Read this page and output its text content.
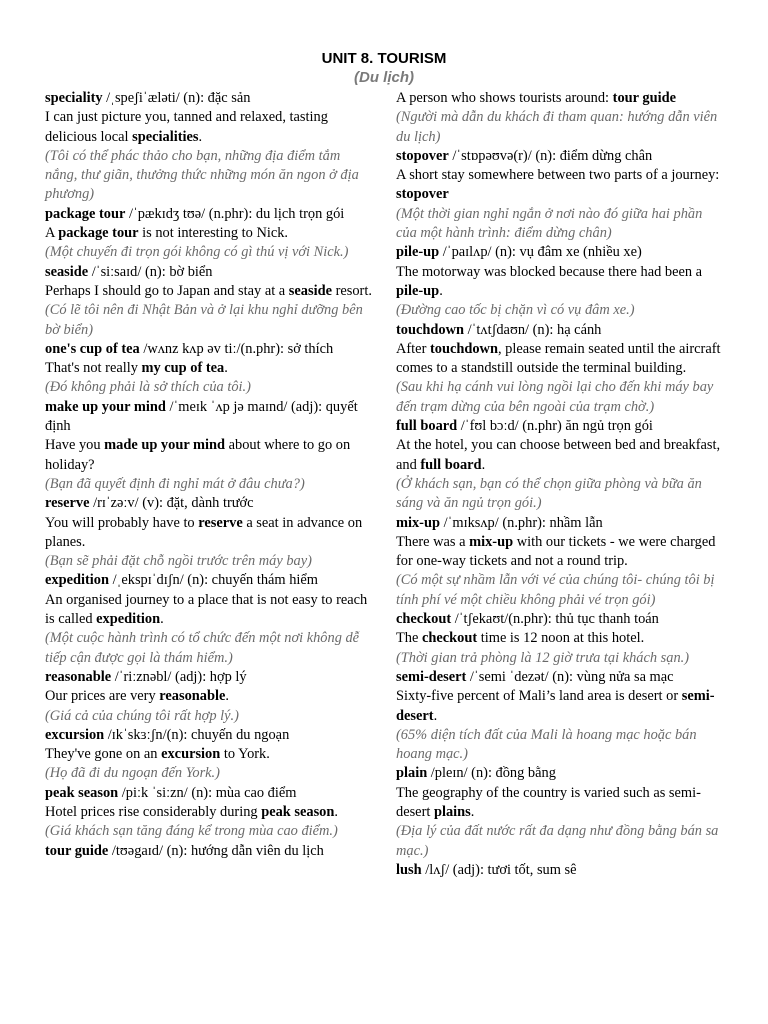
UNIT 8. TOURISM
(Du lịch)

speciality /ˌspeʃiˈæləti/ (n): đặc sản

I can just picture you, tanned and relaxed, tasting delicious local specialities.

(Tôi có thể phác thảo cho bạn, những địa điểm tắm nắng, thư giãn, thưởng thức những món ăn ngon ở địa phương)

package tour /ˈpækɪdʒ tʊə/ (n.phr): du lịch trọn gói

A package tour is not interesting to Nick.

(Một chuyến đi trọn gói không có gì thú vị với Nick.)

seaside /ˈsiːsaɪd/ (n): bờ biển

Perhaps I should go to Japan and stay at a seaside resort.

(Có lẽ tôi nên đi Nhật Bản và ở lại khu nghỉ dưỡng bên bờ biển)

one's cup of tea /wʌnz kʌp əv tiː/(n.phr): sở thích

That's not really my cup of tea.

(Đó không phải là sở thích của tôi.)

make up your mind /ˈmeɪk ˈʌp jə maɪnd/ (adj): quyết định

Have you made up your mind about where to go on holiday?

(Bạn đã quyết định đi nghỉ mát ở đâu chưa?)

reserve /rɪˈzəːv/ (v): đặt, dành trước

You will probably have to reserve a seat in advance on planes.

(Bạn sẽ phải đặt chỗ ngồi trước trên máy bay)

expedition /ˌekspɪˈdɪʃn/ (n): chuyến thám hiểm

An organised journey to a place that is not easy to reach is called expedition.

(Một cuộc hành trình có tổ chức đến một nơi không dễ tiếp cận được gọi là thám hiểm.)

reasonable /ˈriːznəbl/ (adj): hợp lý

Our prices are very reasonable.

(Giá cả của chúng tôi rất hợp lý.)

excursion /ɪkˈskɜːʃn/(n): chuyến du ngoạn

They've gone on an excursion to York.

(Họ đã đi du ngoạn đến York.)

peak season /piːk ˈsiːzn/ (n): mùa cao điểm

Hotel prices rise considerably during peak season.

(Giá khách sạn tăng đáng kể trong mùa cao điểm.)

tour guide /tʊəgaɪd/ (n): hướng dẫn viên du lịch

A person who shows tourists around: tour guide

(Người mà dẫn du khách đi tham quan: hướng dẫn viên du lịch)

stopover /ˈstɒpəʊvə(r)/ (n): điểm dừng chân

A short stay somewhere between two parts of a journey: stopover

(Một thời gian nghỉ ngắn ở nơi nào đó giữa hai phần của một hành trình: điểm dừng chân)

pile-up /ˈpaɪlʌp/ (n): vụ đâm xe (nhiều xe)

The motorway was blocked because there had been a pile-up.

(Đường cao tốc bị chặn vì có vụ đâm xe.)

touchdown /ˈtʌtʃdaʊn/ (n): hạ cánh

After touchdown, please remain seated until the aircraft comes to a standstill outside the terminal building.

(Sau khi hạ cánh vui lòng ngồi lại cho đến khi máy bay đến trạm dừng của bên ngoài của trạm chờ.)

full board /ˈfʊl bɔːd/ (n.phr) ăn ngủ trọn gói

At the hotel, you can choose between bed and breakfast, and full board.

(Ở khách sạn, bạn có thể chọn giữa phòng và bữa ăn sáng và ăn ngủ trọn gói.)

mix-up /ˈmɪksʌp/ (n.phr): nhầm lẫn

There was a mix-up with our tickets - we were charged for one-way tickets and not a round trip.

(Có một sự nhầm lẫn với vé của chúng tôi- chúng tôi bị tính phí vé một chiều không phải vé trọn gói)

checkout /ˈtʃekaʊt/(n.phr): thủ tục thanh toán

The checkout time is 12 noon at this hotel.

(Thời gian trả phòng là 12 giờ trưa tại khách sạn.)

semi-desert /ˈsemi ˈdezət/ (n): vùng nửa sa mạc

Sixty-five percent of Mali’s land area is desert or semi-desert.

(65% diện tích đất của Mali là hoang mạc hoặc bán hoang mạc.)

plain /pleɪn/ (n): đồng bằng

The geography of the country is varied such as semi-desert plains.

(Địa lý của đất nước rất đa dạng như đồng bằng bán sa mạc.)

lush /lʌʃ/ (adj): tươi tốt, sum sê
